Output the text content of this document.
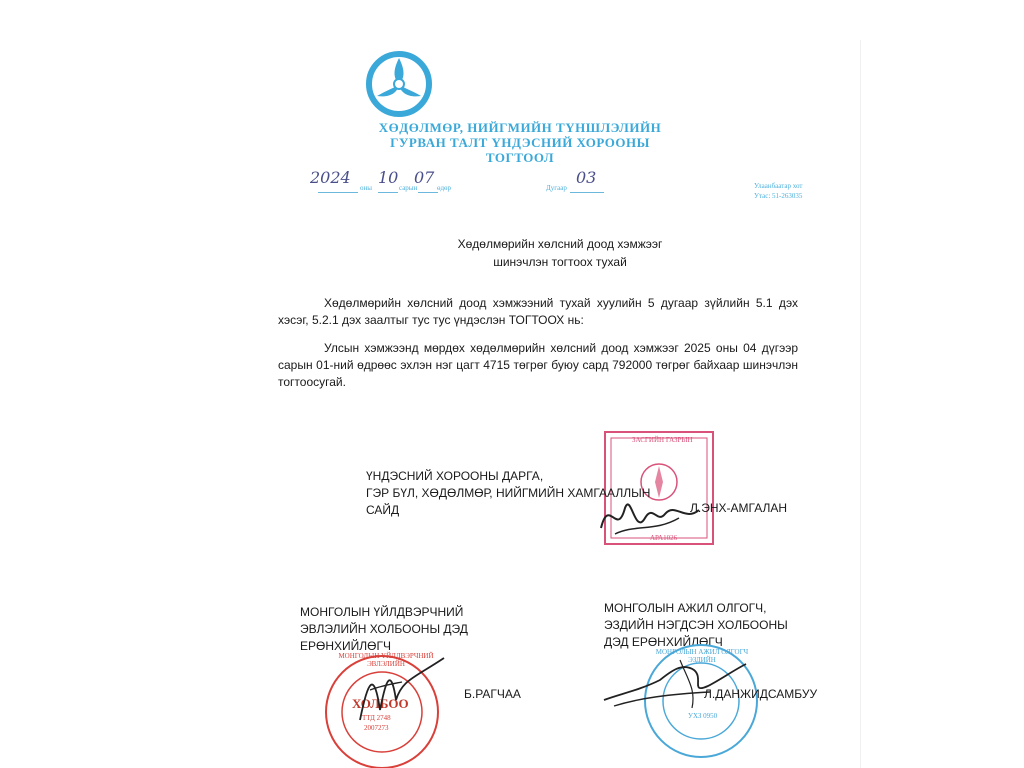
ХӨДӨЛМӨР, НИЙГМИЙН ТҮНШЛЭЛИЙН
ГУРВАН ТАЛТ ҮНДЭСНИЙ ХОРООНЫ
ТОГТООЛ
2024
оны
10
сарын
07
өдөр	Дугаар
03	Улаанбаатар хот
Утас: 51-263035
Хөдөлмөрийн хөлсний доод хэмжээг
шинэчлэн тогтоох тухай
Хөдөлмөрийн хөлсний доод хэмжээний тухай хуулийн 5 дугаар зүйлийн 5.1 дэх хэсэг, 5.2.1 дэх заалтыг тус тус үндэслэн ТОГТООХ нь:
Улсын хэмжээнд мөрдөх хөдөлмөрийн хөлсний доод хэмжээг 2025 оны 04 дүгээр сарын 01-ний өдрөөс эхлэн нэг цагт 4715 төгрөг буюу сард 792000 төгрөг байхаар шинэчлэн тогтоосугай.
ЗАСГИЙН ГАЗРЫН
АРА1026
ҮНДЭСНИЙ ХОРООНЫ ДАРГА,
ГЭР БҮЛ, ХӨДӨЛМӨР, НИЙГМИЙН ХАМГААЛЛЫН
САЙД	Л.ЭНХ-АМГАЛАН
МОНГОЛЫН ҮЙЛДВЭРЧНИЙ
ЭВЛЭЛИЙН ХОЛБООНЫ ДЭД
ЕРӨНХИЙЛӨГЧ
ХОЛБОО
ТТД 2748
2007273
МОНГОЛЫН ҮЙЛДВЭРЧНИЙ ЭВЛЭЛИЙН
Б.РАГЧАА
МОНГОЛЫН АЖИЛ ОЛГОГЧ,
ЭЗДИЙН НЭГДСЭН ХОЛБООНЫ
ДЭД ЕРӨНХИЙЛӨГЧ
МОНГОЛЫН АЖИЛ ОЛГОГЧ ЭЗДИЙН
УХЗ 0950
Л.ДАНЖИДСАМБУУ
